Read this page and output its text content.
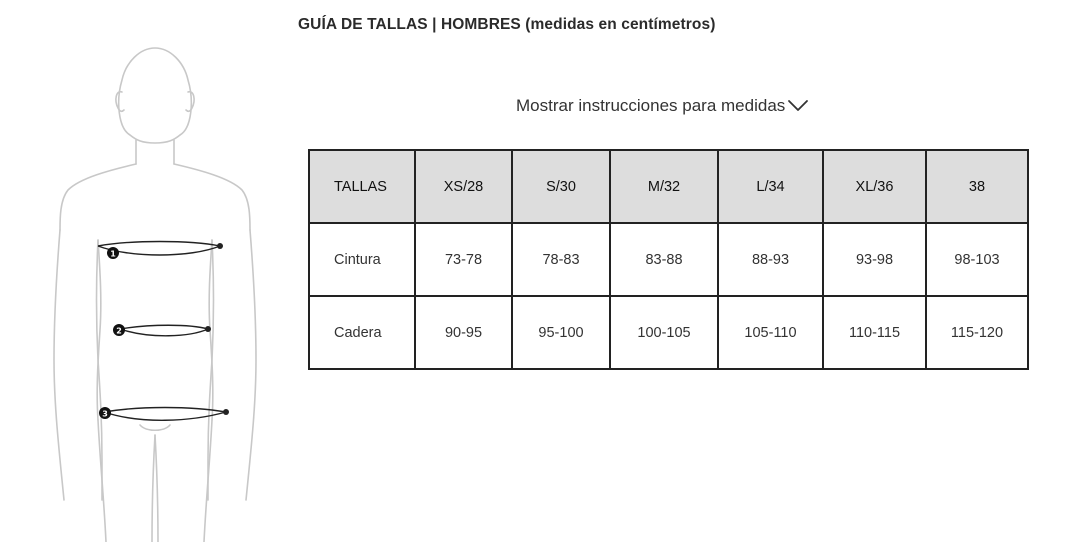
1
2
3
GUÍA DE TALLAS | HOMBRES (medidas en centímetros)
Mostrar instrucciones para medidas
TALLAS	XS/28	S/30	M/32	L/34	XL/36	38
Cintura	73-78	78-83	83-88	88-93	93-98	98-103
Cadera	90-95	95-100	100-105	105-110	110-115	115-120
